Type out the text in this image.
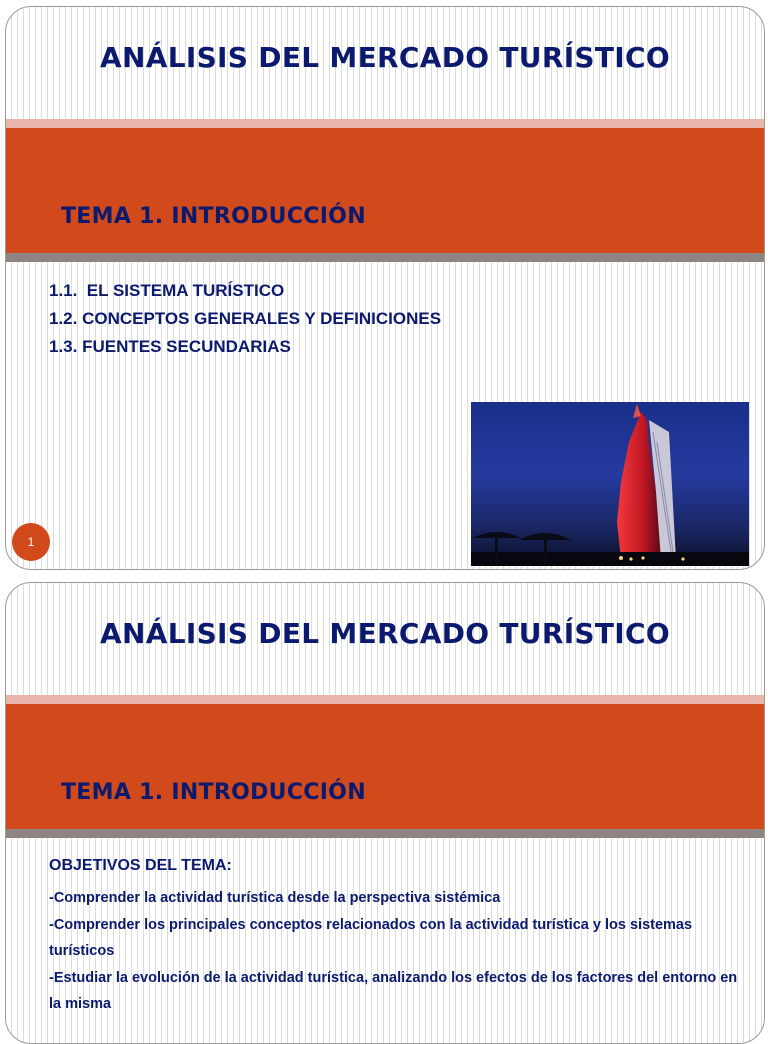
ANÁLISIS DEL MERCADO TURÍSTICO
TEMA 1. INTRODUCCIÓN
1.1.  EL SISTEMA TURÍSTICO
1.2. CONCEPTOS GENERALES Y DEFINICIONES
1.3. FUENTES SECUNDARIAS
1
ANÁLISIS DEL MERCADO TURÍSTICO
TEMA 1. INTRODUCCIÓN
OBJETIVOS DEL TEMA:
-Comprender la actividad turística desde la perspectiva sistémica
-Comprender los principales conceptos relacionados con la actividad turística y los sistemas turísticos
-Estudiar la evolución de la actividad turística, analizando los efectos de los factores del entorno en la misma
